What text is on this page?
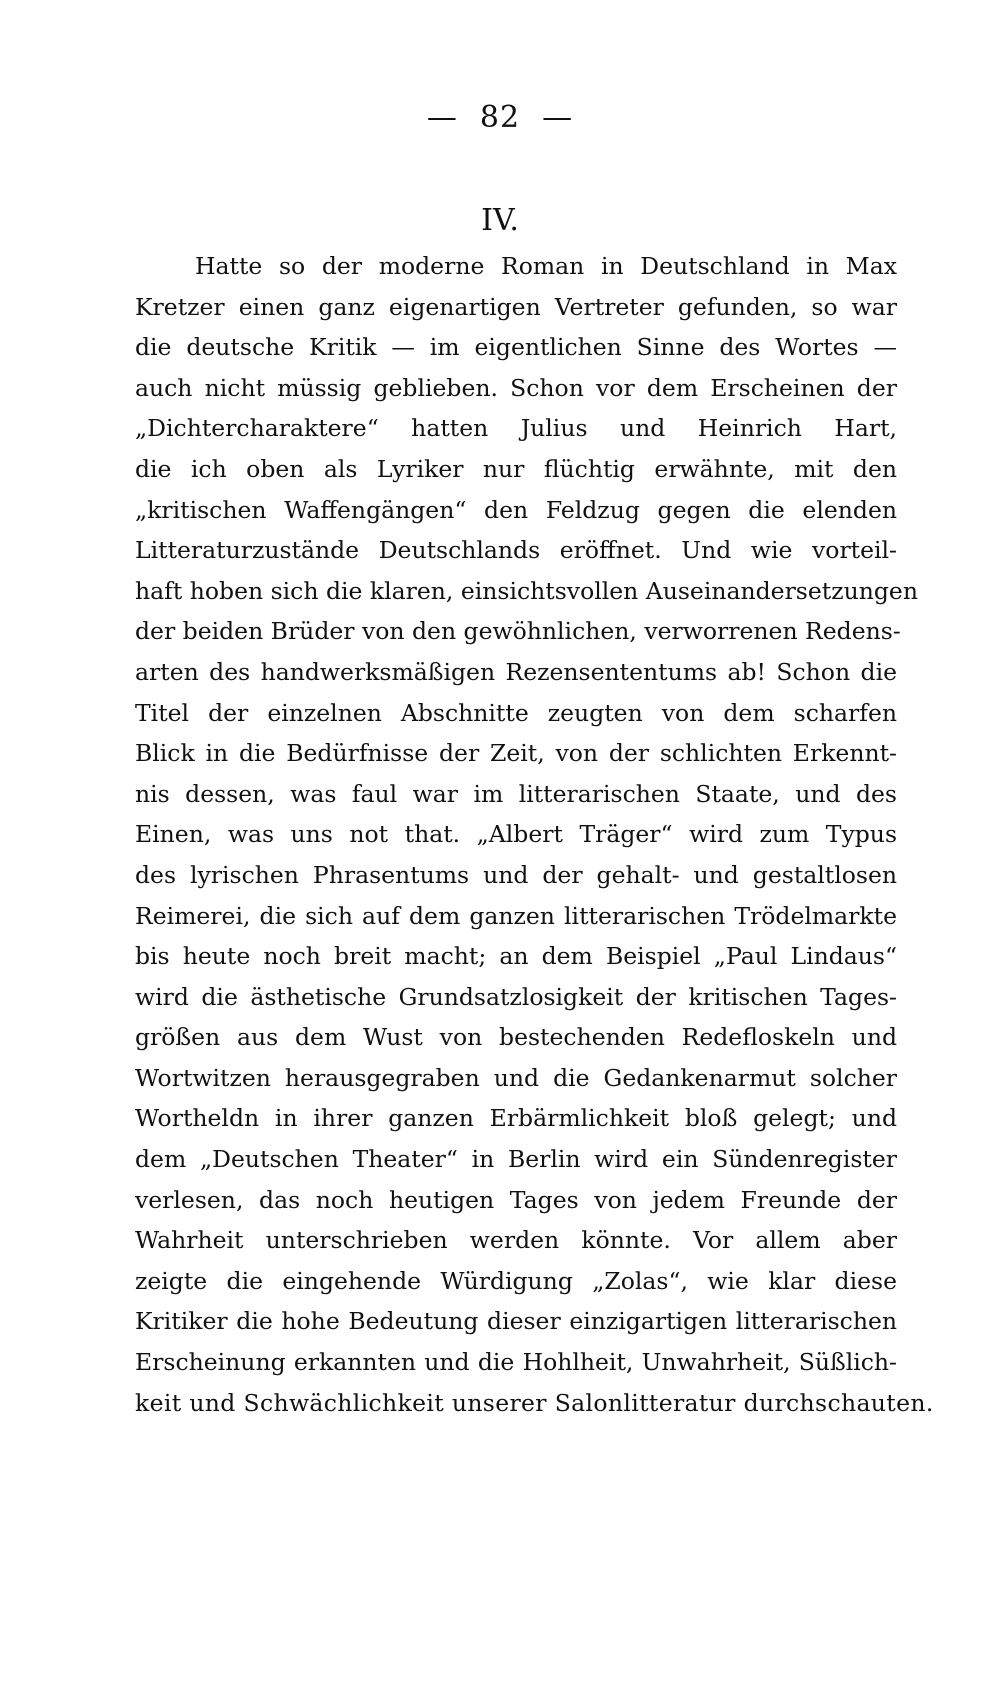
— 82 —
IV.
Hatte so der moderne Roman in Deutschland in Max
Kretzer einen ganz eigenartigen Vertreter gefunden, so war
die deutsche Kritik — im eigentlichen Sinne des Wortes —
auch nicht müssig geblieben. Schon vor dem Erscheinen der
„Dichtercharaktere“ hatten Julius und Heinrich Hart,
die ich oben als Lyriker nur flüchtig erwähnte, mit den
„kritischen Waffengängen“ den Feldzug gegen die elenden
Litteraturzustände Deutschlands eröffnet. Und wie vorteil-
haft hoben sich die klaren, einsichtsvollen Auseinandersetzungen
der beiden Brüder von den gewöhnlichen, verworrenen Redens-
arten des handwerksmäßigen Rezensententums ab! Schon die
Titel der einzelnen Abschnitte zeugten von dem scharfen
Blick in die Bedürfnisse der Zeit, von der schlichten Erkennt-
nis dessen, was faul war im litterarischen Staate, und des
Einen, was uns not that. „Albert Träger“ wird zum Typus
des lyrischen Phrasentums und der gehalt- und gestaltlosen
Reimerei, die sich auf dem ganzen litterarischen Trödelmarkte
bis heute noch breit macht; an dem Beispiel „Paul Lindaus“
wird die ästhetische Grundsatzlosigkeit der kritischen Tages-
größen aus dem Wust von bestechenden Redefloskeln und
Wortwitzen herausgegraben und die Gedankenarmut solcher
Wortheldn in ihrer ganzen Erbärmlichkeit bloß gelegt; und
dem „Deutschen Theater“ in Berlin wird ein Sündenregister
verlesen, das noch heutigen Tages von jedem Freunde der
Wahrheit unterschrieben werden könnte. Vor allem aber
zeigte die eingehende Würdigung „Zolas“, wie klar diese
Kritiker die hohe Bedeutung dieser einzigartigen litterarischen
Erscheinung erkannten und die Hohlheit, Unwahrheit, Süßlich-
keit und Schwächlichkeit unserer Salonlitteratur durchschauten.
